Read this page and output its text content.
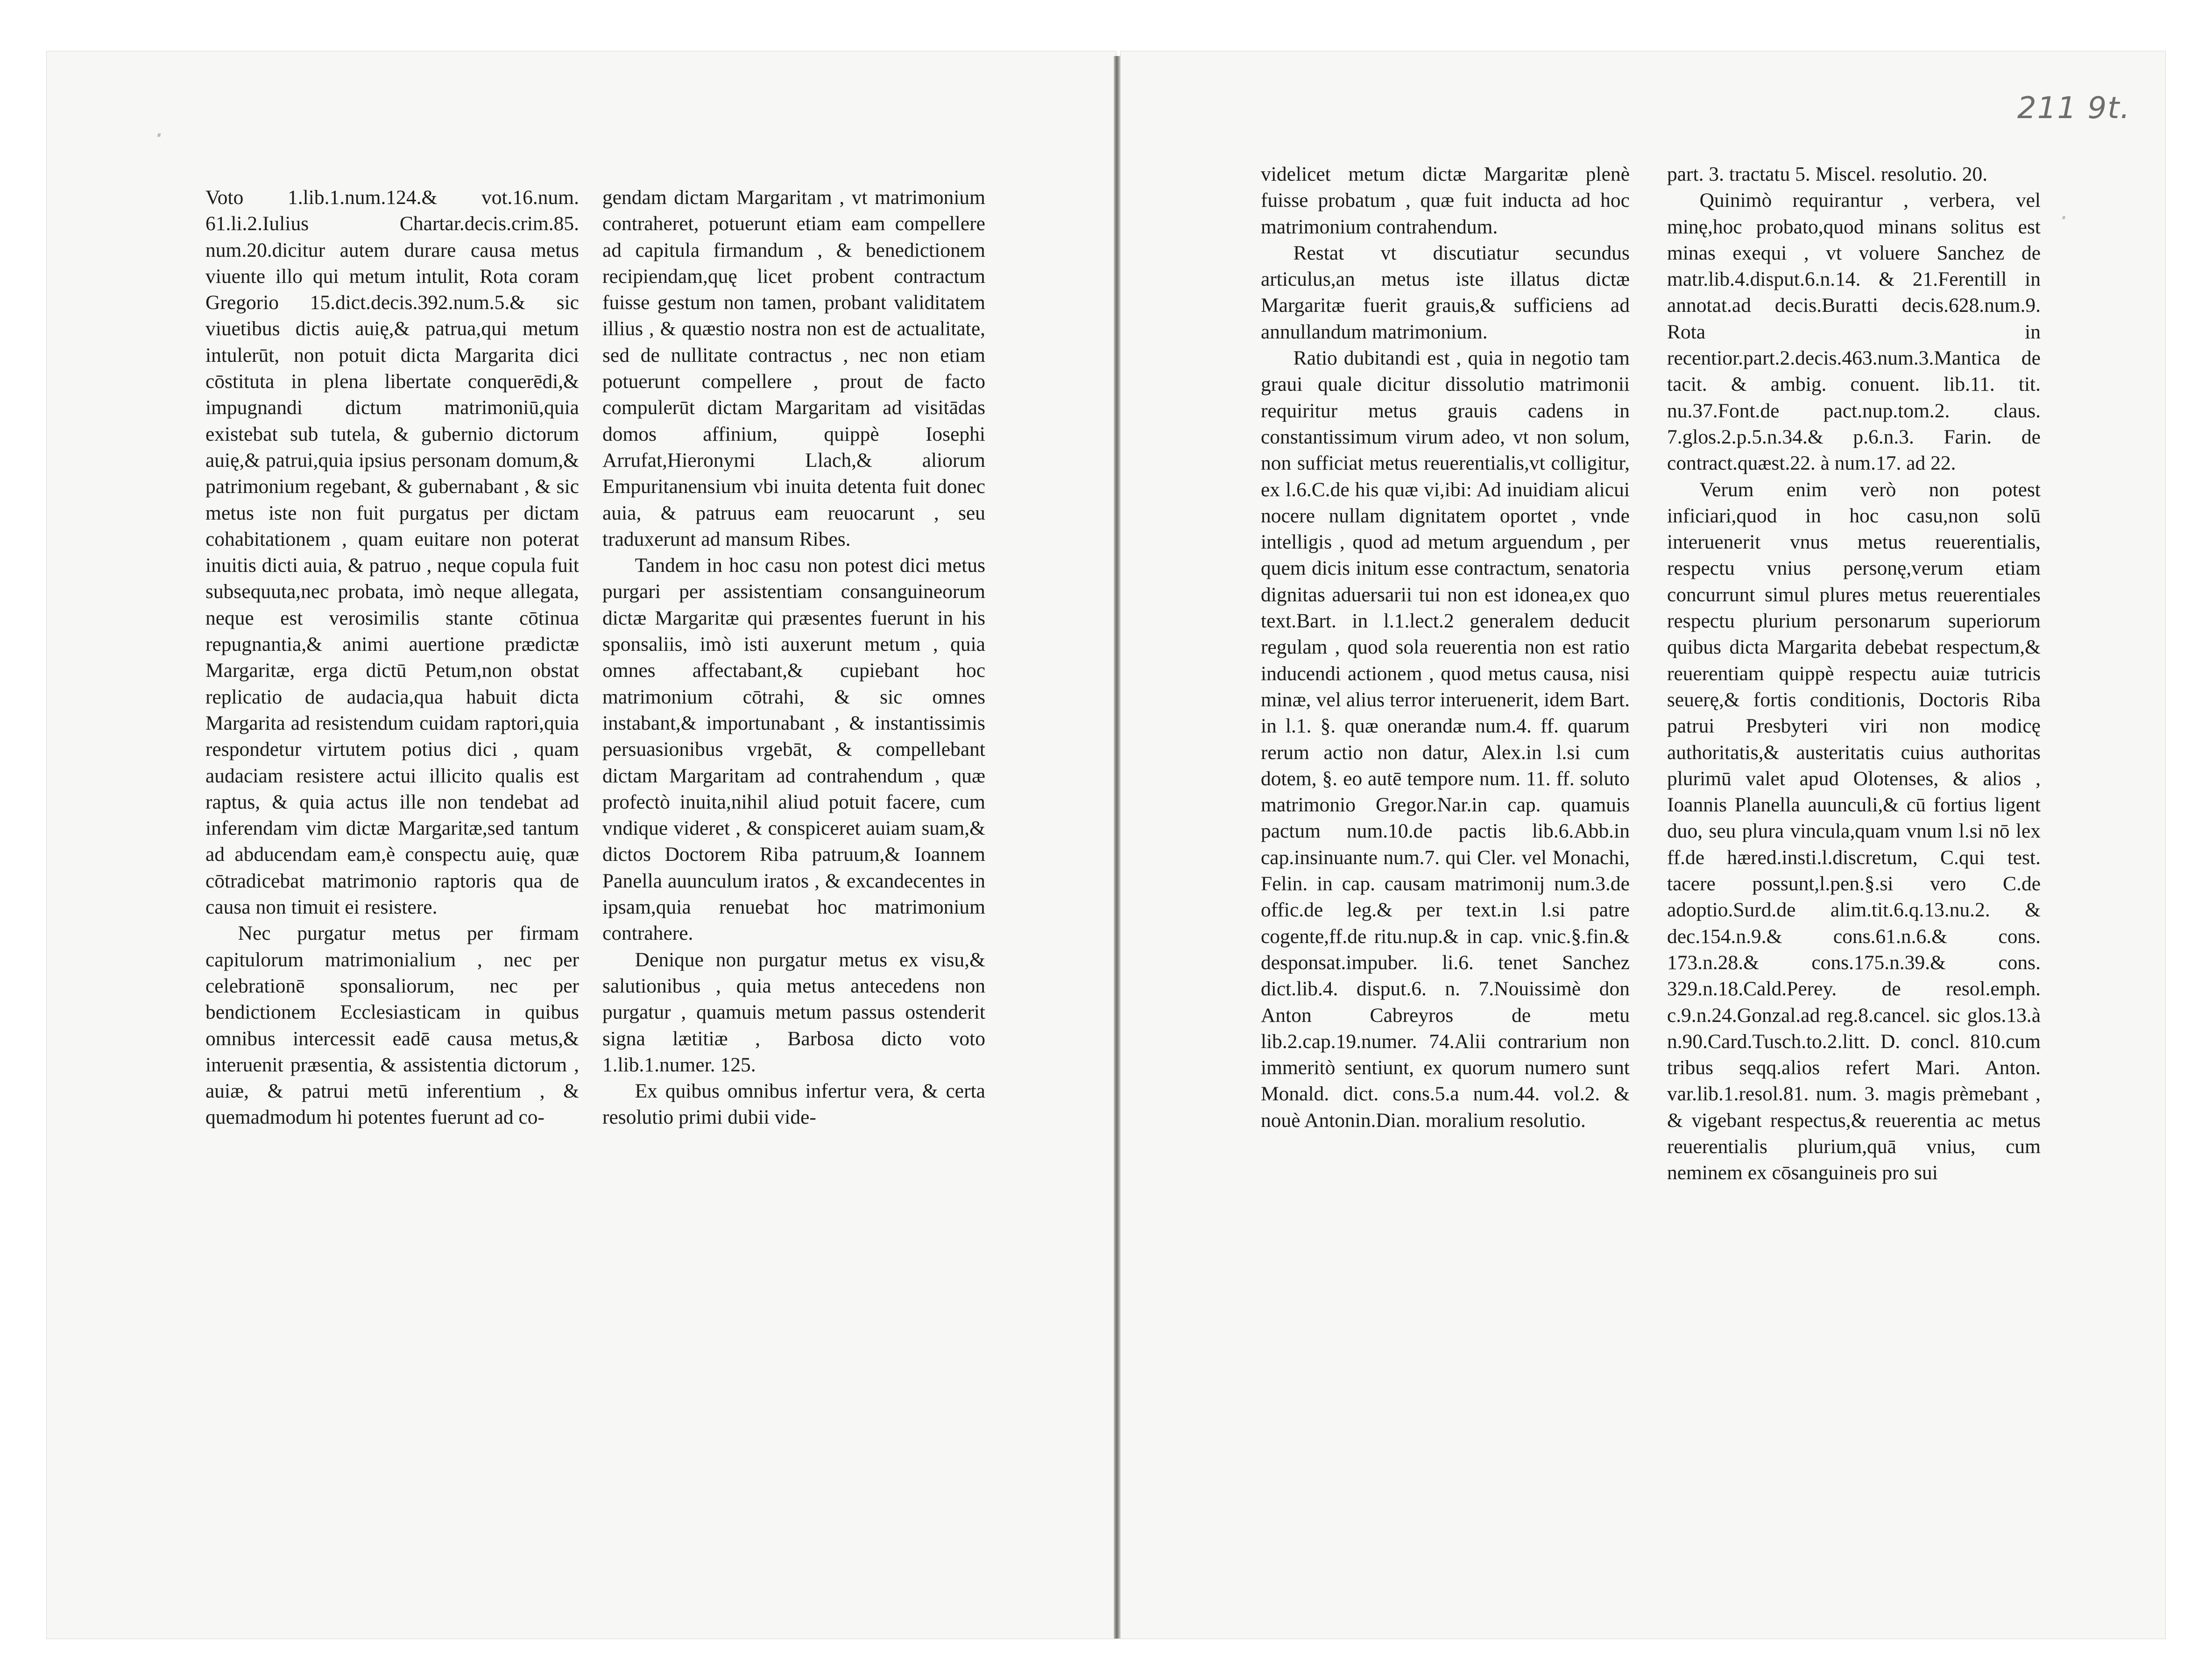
·
·
211 9t.

Voto 1.lib.1.num.124.& vot.16.num. 61.li.2.Iulius Chartar.decis.crim.85. num.20.dicitur autem durare causa metus viuente illo qui metum intulit, Rota coram Gregorio 15.dict.decis.392.num.5.& sic viuetibus dictis auię,& patrua,qui metum intulerūt, non potuit dicta Margarita dici cōstituta in plena libertate conquerēdi,& impugnandi dictum matrimoniū,quia existebat sub tutela, & gubernio dictorum auię,& patrui,quia ipsius personam domum,& patrimonium regebant, & gubernabant , & sic metus iste non fuit purgatus per dictam cohabitationem , quam euitare non poterat inuitis dicti auia, & patruo , neque copula fuit subsequuta,nec probata, imò neque allegata, neque est verosimilis stante cōtinua repugnantia,& animi auertione prædictæ Margaritæ, erga dictū Petum,non obstat replicatio de audacia,qua habuit dicta Margarita ad resistendum cuidam raptori,quia respondetur virtutem potius dici , quam audaciam resistere actui illicito qualis est raptus, & quia actus ille non tendebat ad inferendam vim dictæ Margaritæ,sed tantum ad abducendam eam,è conspectu auię, quæ cōtradicebat matrimonio raptoris qua de causa non timuit ei resistere.

Nec purgatur metus per firmam capitulorum matrimonialium , nec per celebrationē sponsaliorum, nec per bendictionem Ecclesiasticam in quibus omnibus intercessit eadē causa metus,& interuenit præsentia, & assistentia dictorum , auiæ, & patrui metū inferentium , & quemadmodum hi potentes fuerunt ad co-

gendam dictam Margaritam , vt matrimonium contraheret, potuerunt etiam eam compellere ad capitula firmandum , & benedictionem recipiendam,quę licet probent contractum fuisse gestum non tamen, probant validitatem illius , & quæstio nostra non est de actualitate, sed de nullitate contractus , nec non etiam potuerunt compellere , prout de facto compulerūt dictam Margaritam ad visitādas domos affinium, quippè Iosephi Arrufat,Hieronymi Llach,& aliorum Empuritanensium vbi inuita detenta fuit donec auia, & patruus eam reuocarunt , seu traduxerunt ad mansum Ribes.

Tandem in hoc casu non potest dici metus purgari per assistentiam consanguineorum dictæ Margaritæ qui præsentes fuerunt in his sponsaliis, imò isti auxerunt metum , quia omnes affectabant,& cupiebant hoc matrimonium cōtrahi, & sic omnes instabant,& importunabant , & instantissimis persuasionibus vrgebāt, & compellebant dictam Margaritam ad contrahendum , quæ profectò inuita,nihil aliud potuit facere, cum vndique videret , & conspiceret auiam suam,& dictos Doctorem Riba patruum,& Ioannem Panella auunculum iratos , & excandecentes in ipsam,quia renuebat hoc matrimonium contrahere.

Denique non purgatur metus ex visu,& salutionibus , quia metus antecedens non purgatur , quamuis metum passus ostenderit signa lætitiæ , Barbosa dicto voto 1.lib.1.numer. 125.

Ex quibus omnibus infertur vera, & certa resolutio primi dubii vide-

videlicet metum dictæ Margaritæ plenè fuisse probatum , quæ fuit inducta ad hoc matrimonium contrahendum.

Restat vt discutiatur secundus articulus,an metus iste illatus dictæ Margaritæ fuerit grauis,& sufficiens ad annullandum matrimonium.

Ratio dubitandi est , quia in negotio tam graui quale dicitur dissolutio matrimonii requiritur metus grauis cadens in constantissimum virum adeo, vt non solum, non sufficiat metus reuerentialis,vt colligitur, ex l.6.C.de his quæ vi,ibi: Ad inuidiam alicui nocere nullam dignitatem oportet , vnde intelligis , quod ad metum arguendum , per quem dicis initum esse contractum, senatoria dignitas aduersarii tui non est idonea,ex quo text.Bart. in l.1.lect.2 generalem deducit regulam , quod sola reuerentia non est ratio inducendi actionem , quod metus causa, nisi minæ, vel alius terror interuenerit, idem Bart. in l.1. §. quæ onerandæ num.4. ff. quarum rerum actio non datur, Alex.in l.si cum dotem, §. eo autē tempore num. 11. ff. soluto matrimonio Gregor.Nar.in cap. quamuis pactum num.10.de pactis lib.6.Abb.in cap.insinuante num.7. qui Cler. vel Monachi, Felin. in cap. causam matrimonij num.3.de offic.de leg.& per text.in l.si patre cogente,ff.de ritu.nup.& in cap. vnic.§.fin.& desponsat.impuber. li.6. tenet Sanchez dict.lib.4. disput.6. n. 7.Nouissimè don Anton Cabreyros de metu lib.2.cap.19.numer. 74.Alii contrarium non immeritò sentiunt, ex quorum numero sunt Monald. dict. cons.5.a num.44. vol.2. & nouè Antonin.Dian. moralium resolutio.

part. 3. tractatu 5. Miscel. resolutio. 20.

Quinimò requirantur , verbera, vel minę,hoc probato,quod minans solitus est minas exequi , vt voluere Sanchez de matr.lib.4.disput.6.n.14. & 21.Ferentill in annotat.ad decis.Buratti decis.628.num.9. Rota in recentior.part.2.decis.463.num.3.Mantica de tacit. & ambig. conuent. lib.11. tit. nu.37.Font.de pact.nup.tom.2. claus. 7.glos.2.p.5.n.34.& p.6.n.3. Farin. de contract.quæst.22. à num.17. ad 22.

Verum enim verò non potest inficiari,quod in hoc casu,non solū interuenerit vnus metus reuerentialis, respectu vnius personę,verum etiam concurrunt simul plures metus reuerentiales respectu plurium personarum superiorum quibus dicta Margarita debebat respectum,& reuerentiam quippè respectu auiæ tutricis seuerę,& fortis conditionis, Doctoris Riba patrui Presbyteri viri non modicę authoritatis,& austeritatis cuius authoritas plurimū valet apud Olotenses, & alios , Ioannis Planella auunculi,& cū fortius ligent duo, seu plura vincula,quam vnum l.si nō lex ff.de hæred.insti.l.discretum, C.qui test. tacere possunt,l.pen.§.si vero C.de adoptio.Surd.de alim.tit.6.q.13.nu.2. & dec.154.n.9.& cons.61.n.6.& cons. 173.n.28.& cons.175.n.39.& cons. 329.n.18.Cald.Perey. de resol.emph. c.9.n.24.Gonzal.ad reg.8.cancel. sic glos.13.à n.90.Card.Tusch.to.2.litt. D. concl. 810.cum tribus seqq.alios refert Mari. Anton. var.lib.1.resol.81. num. 3. magis prèmebant , & vigebant respectus,& reuerentia ac metus reuerentialis plurium,quā vnius, cum neminem ex cōsanguineis pro sui
